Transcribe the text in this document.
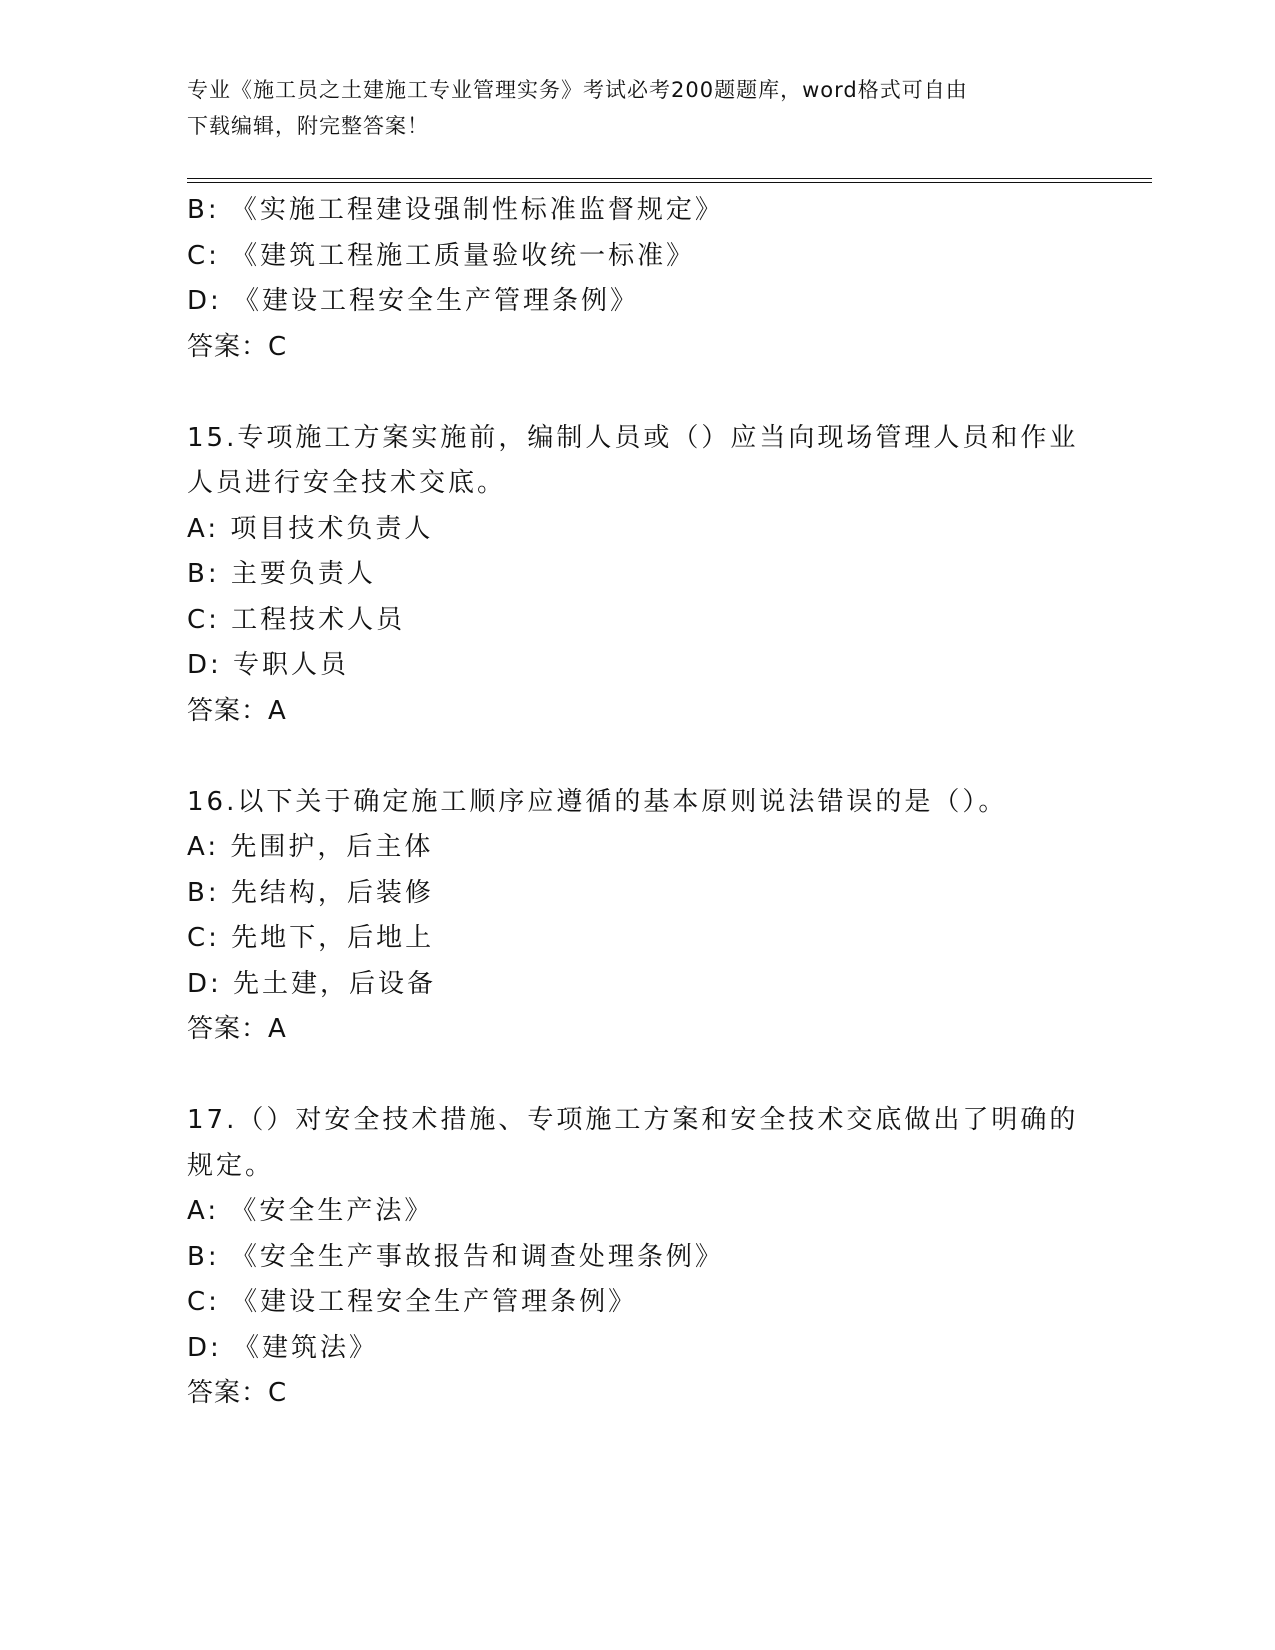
专业《施工员之土建施工专业管理实务》考试必考200题题库，word格式可自由
下载编辑，附完整答案！
B: 《实施工程建设强制性标准监督规定》
C: 《建筑工程施工质量验收统一标准》
D: 《建设工程安全生产管理条例》
答案：C
15.专项施工方案实施前，编制人员或（）应当向现场管理人员和作业
人员进行安全技术交底。
A: 项目技术负责人
B: 主要负责人
C: 工程技术人员
D: 专职人员
答案：A
16.以下关于确定施工顺序应遵循的基本原则说法错误的是（）。
A: 先围护，后主体
B: 先结构，后装修
C: 先地下，后地上
D: 先土建，后设备
答案：A
17.（）对安全技术措施、专项施工方案和安全技术交底做出了明确的
规定。
A: 《安全生产法》
B: 《安全生产事故报告和调查处理条例》
C: 《建设工程安全生产管理条例》
D: 《建筑法》
答案：C
